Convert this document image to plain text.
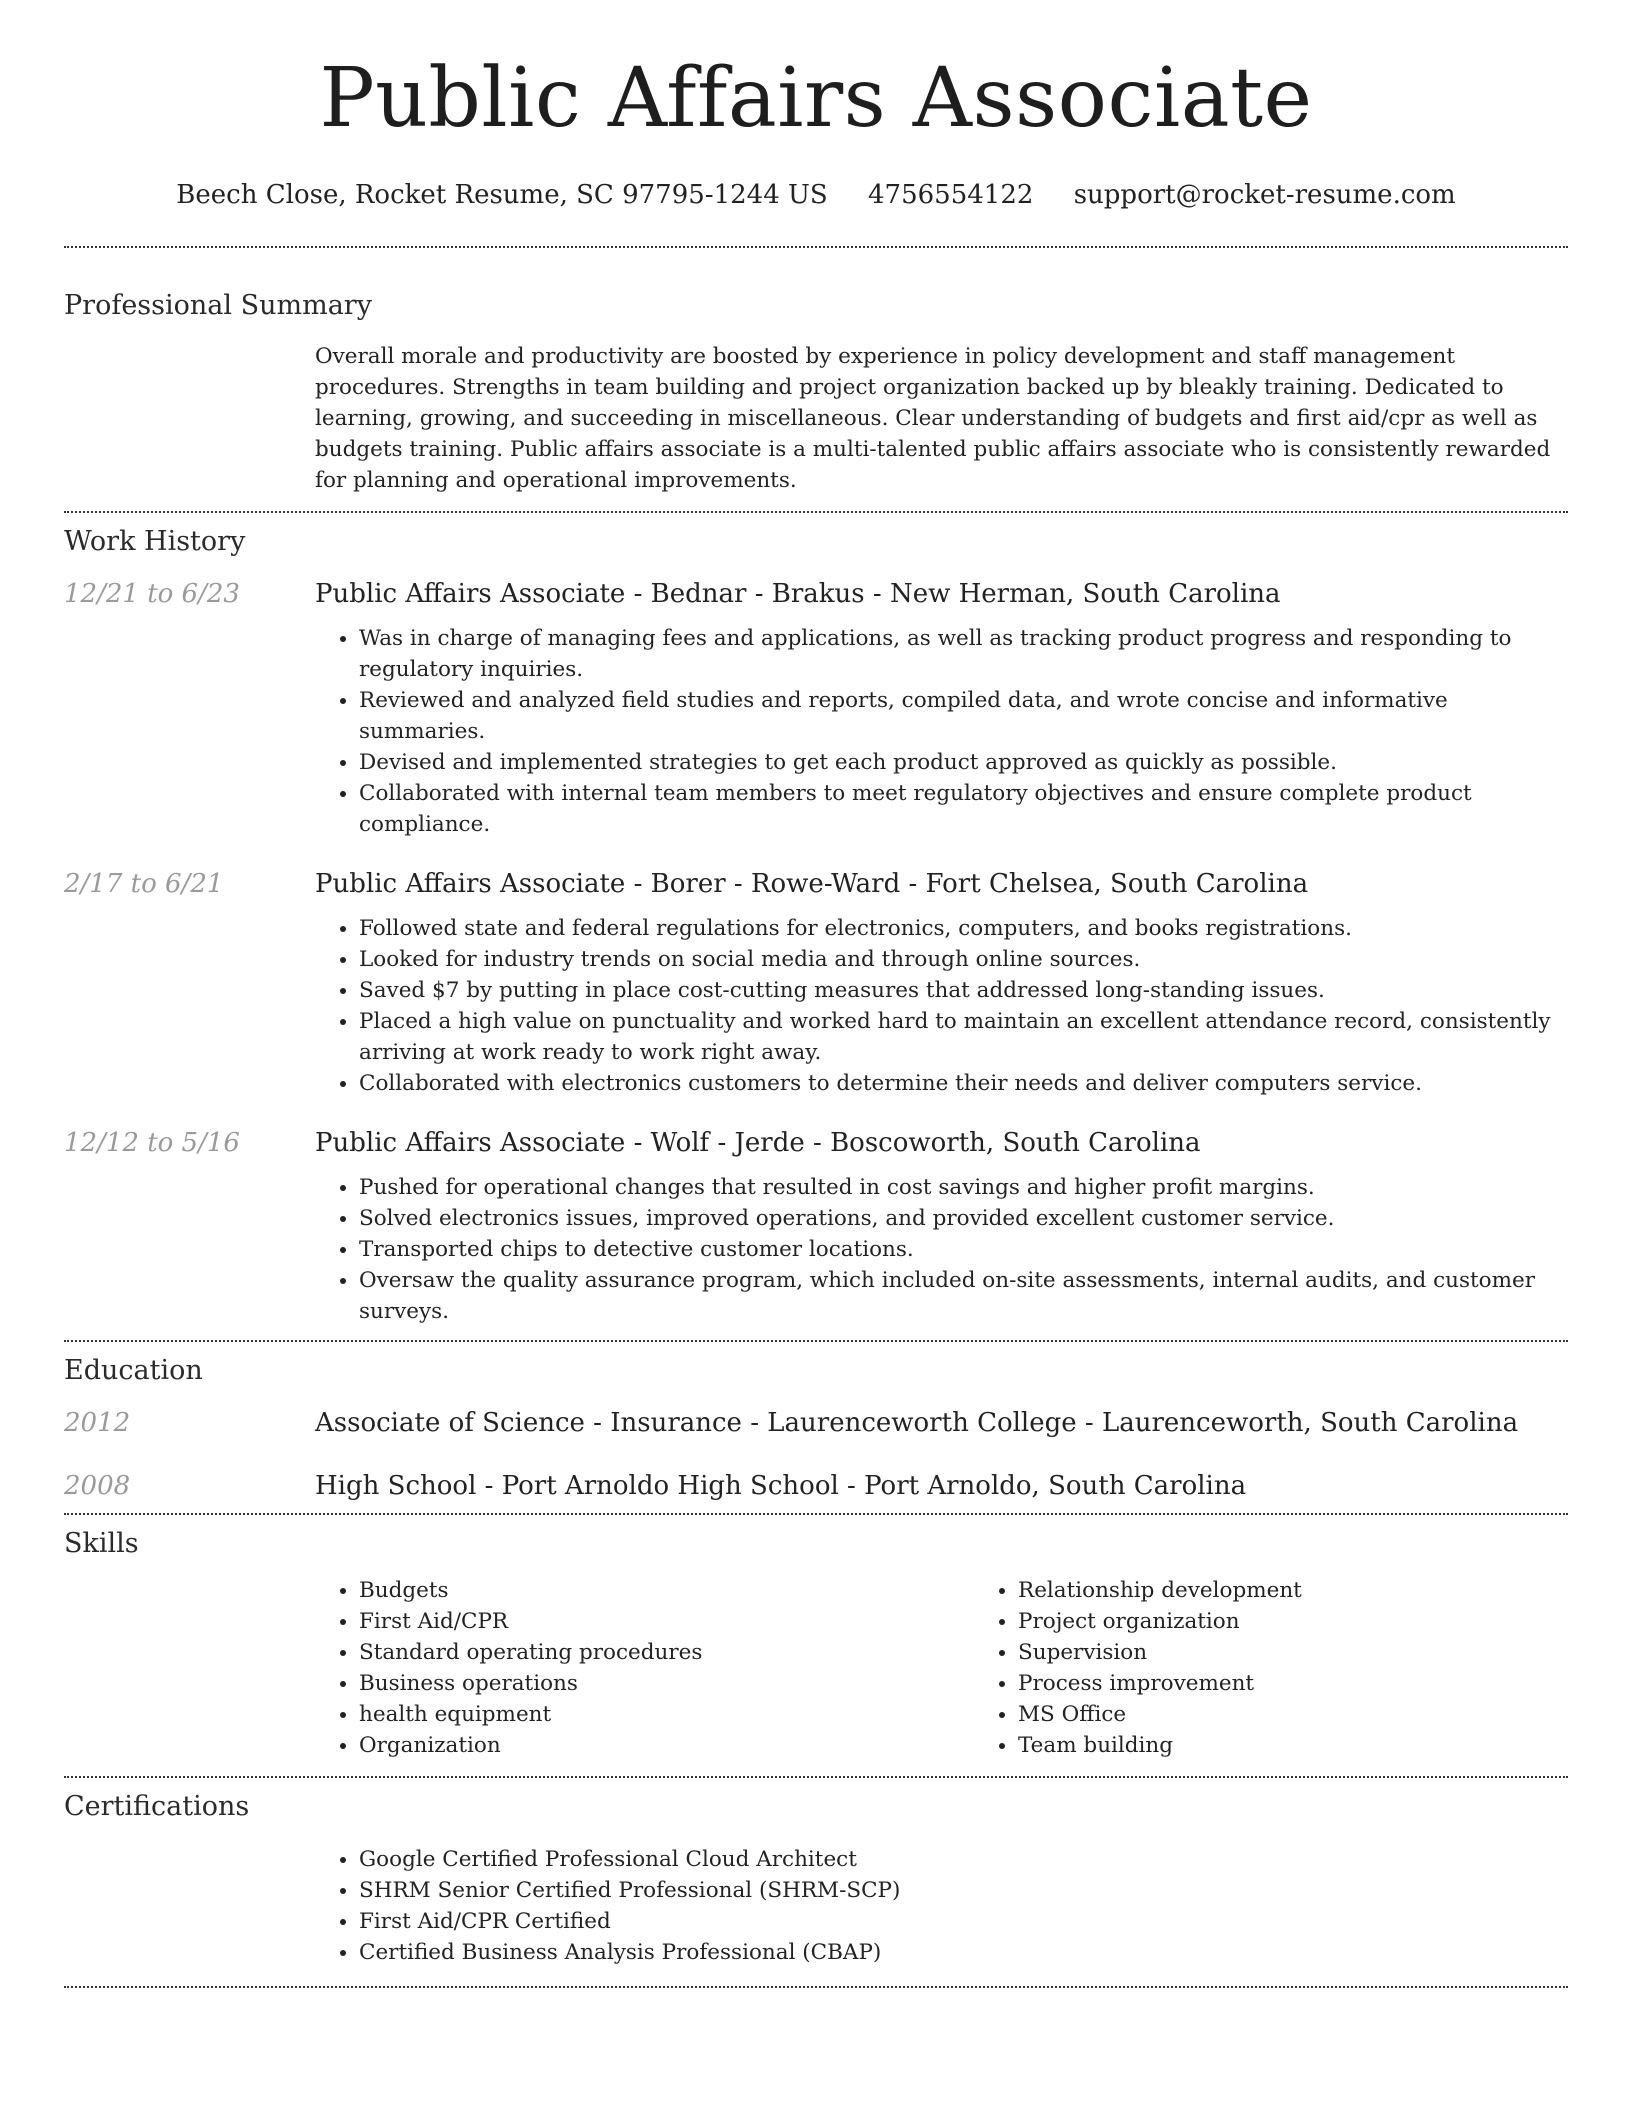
Public Affairs Associate
Beech Close, Rocket Resume, SC 97795-1244 US 4756554122 support@rocket-resume.com
Professional Summary
Overall morale and productivity are boosted by experience in policy development and staff management procedures. Strengths in team building and project organization backed up by bleakly training. Dedicated to learning, growing, and succeeding in miscellaneous. Clear understanding of budgets and first aid/cpr as well as budgets training. Public affairs associate is a multi-talented public affairs associate who is consistently rewarded for planning and operational improvements.
Work History
12/21 to 6/23	Public Affairs Associate - Bednar - Brakus - New Herman, South Carolina
• Was in charge of managing fees and applications, as well as tracking product progress and responding to regulatory inquiries.
• Reviewed and analyzed field studies and reports, compiled data, and wrote concise and informative summaries.
• Devised and implemented strategies to get each product approved as quickly as possible.
• Collaborated with internal team members to meet regulatory objectives and ensure complete product compliance.
2/17 to 6/21	Public Affairs Associate - Borer - Rowe-Ward - Fort Chelsea, South Carolina
• Followed state and federal regulations for electronics, computers, and books registrations.
• Looked for industry trends on social media and through online sources.
• Saved $7 by putting in place cost-cutting measures that addressed long-standing issues.
• Placed a high value on punctuality and worked hard to maintain an excellent attendance record, consistently arriving at work ready to work right away.
• Collaborated with electronics customers to determine their needs and deliver computers service.
12/12 to 5/16	Public Affairs Associate - Wolf - Jerde - Boscoworth, South Carolina
• Pushed for operational changes that resulted in cost savings and higher profit margins.
• Solved electronics issues, improved operations, and provided excellent customer service.
• Transported chips to detective customer locations.
• Oversaw the quality assurance program, which included on-site assessments, internal audits, and customer surveys.
Education
2012	Associate of Science - Insurance - Laurenceworth College - Laurenceworth, South Carolina
2008	High School - Port Arnoldo High School - Port Arnoldo, South Carolina
Skills
• Budgets
• First Aid/CPR
• Standard operating procedures
• Business operations
• health equipment
• Organization
• Relationship development
• Project organization
• Supervision
• Process improvement
• MS Office
• Team building
Certifications
• Google Certified Professional Cloud Architect
• SHRM Senior Certified Professional (SHRM-SCP)
• First Aid/CPR Certified
• Certified Business Analysis Professional (CBAP)
